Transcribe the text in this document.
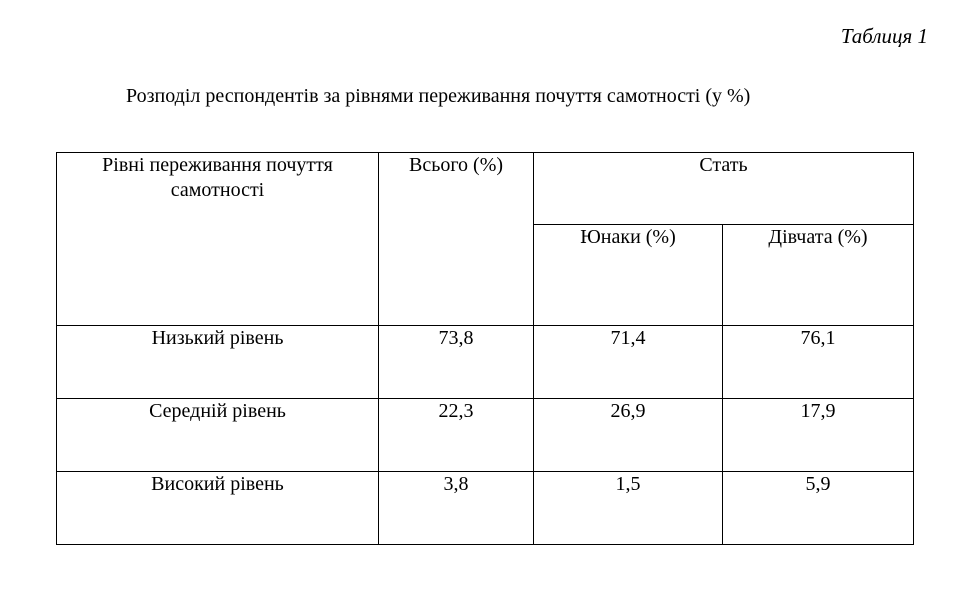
Таблиця 1
Розподіл респондентів за рівнями переживання почуття самотності (у %)
Рівні переживання почуття самотності	Всього (%)	Стать	
		Юнаки (%)	Дівчата (%)
Низький рівень	73,8	71,4	76,1
Середній рівень	22,3	26,9	17,9
Високий рівень	3,8	1,5	5,9
